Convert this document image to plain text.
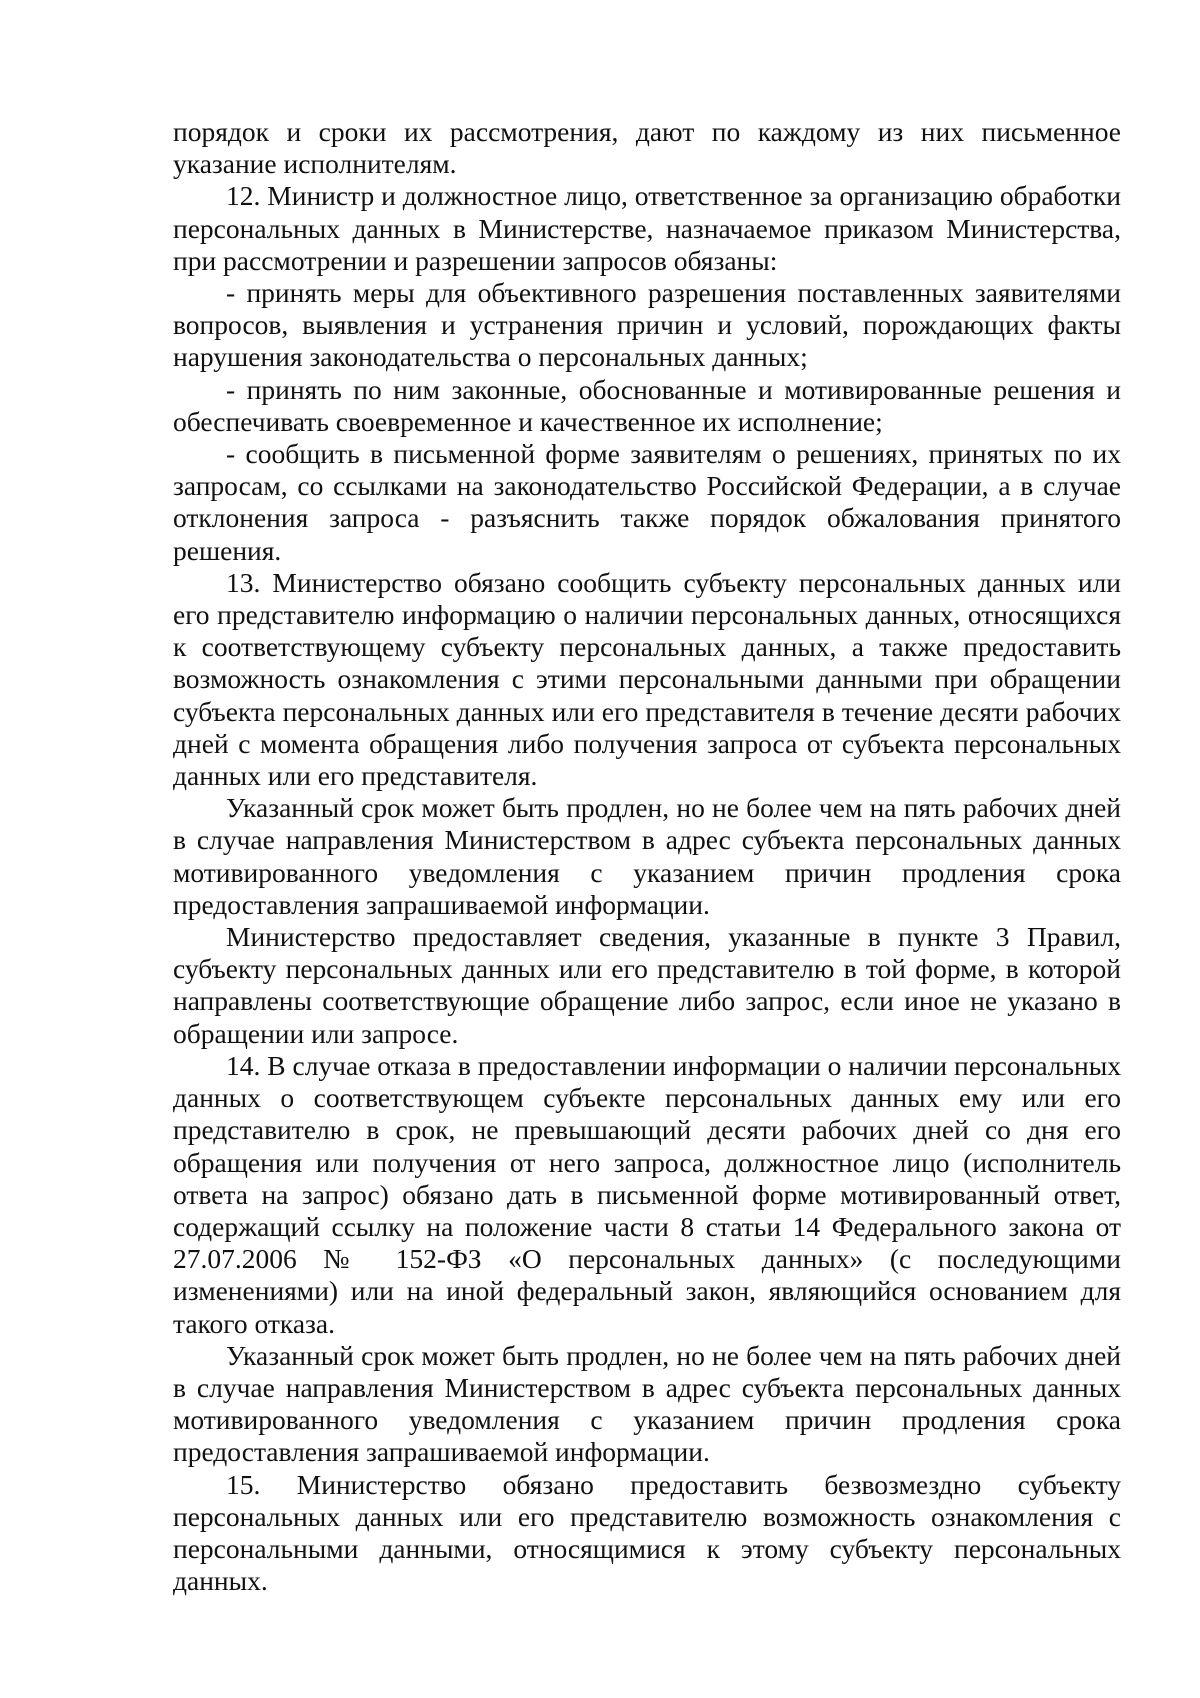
порядок и сроки их рассмотрения, дают по каждому из них письменное указание исполнителям.

12. Министр и должностное лицо, ответственное за организацию обработки персональных данных в Министерстве, назначаемое приказом Министерства, при рассмотрении и разрешении запросов обязаны:

- принять меры для объективного разрешения поставленных заявителями вопросов, выявления и устранения причин и условий, порождающих факты нарушения законодательства о персональных данных;

- принять по ним законные, обоснованные и мотивированные решения и обеспечивать своевременное и качественное их исполнение;

- сообщить в письменной форме заявителям о решениях, принятых по их запросам, со ссылками на законодательство Российской Федерации, а в случае отклонения запроса - разъяснить также порядок обжалования принятого решения.

13. Министерство обязано сообщить субъекту персональных данных или его представителю информацию о наличии персональных данных, относящихся к соответствующему субъекту персональных данных, а также предоставить возможность ознакомления с этими персональными данными при обращении субъекта персональных данных или его представителя в течение десяти рабочих дней с момента обращения либо получения запроса от субъекта персональных данных или его представителя.

Указанный срок может быть продлен, но не более чем на пять рабочих дней в случае направления Министерством в адрес субъекта персональных данных мотивированного уведомления с указанием причин продления срока предоставления запрашиваемой информации.

Министерство предоставляет сведения, указанные в пункте 3 Правил, субъекту персональных данных или его представителю в той форме, в которой направлены соответствующие обращение либо запрос, если иное не указано в обращении или запросе.

14. В случае отказа в предоставлении информации о наличии персональных данных о соответствующем субъекте персональных данных ему или его представителю в срок, не превышающий десяти рабочих дней со дня его обращения или получения от него запроса, должностное лицо (исполнитель ответа на запрос) обязано дать в письменной форме мотивированный ответ, содержащий ссылку на положение части 8 статьи 14 Федерального закона от 27.07.2006 № 152-ФЗ «О персональных данных» (с последующими изменениями) или на иной федеральный закон, являющийся основанием для такого отказа.

Указанный срок может быть продлен, но не более чем на пять рабочих дней в случае направления Министерством в адрес субъекта персональных данных мотивированного уведомления с указанием причин продления срока предоставления запрашиваемой информации.

15. Министерство обязано предоставить безвозмездно субъекту персональных данных или его представителю возможность ознакомления с персональными данными, относящимися к этому субъекту персональных данных.
